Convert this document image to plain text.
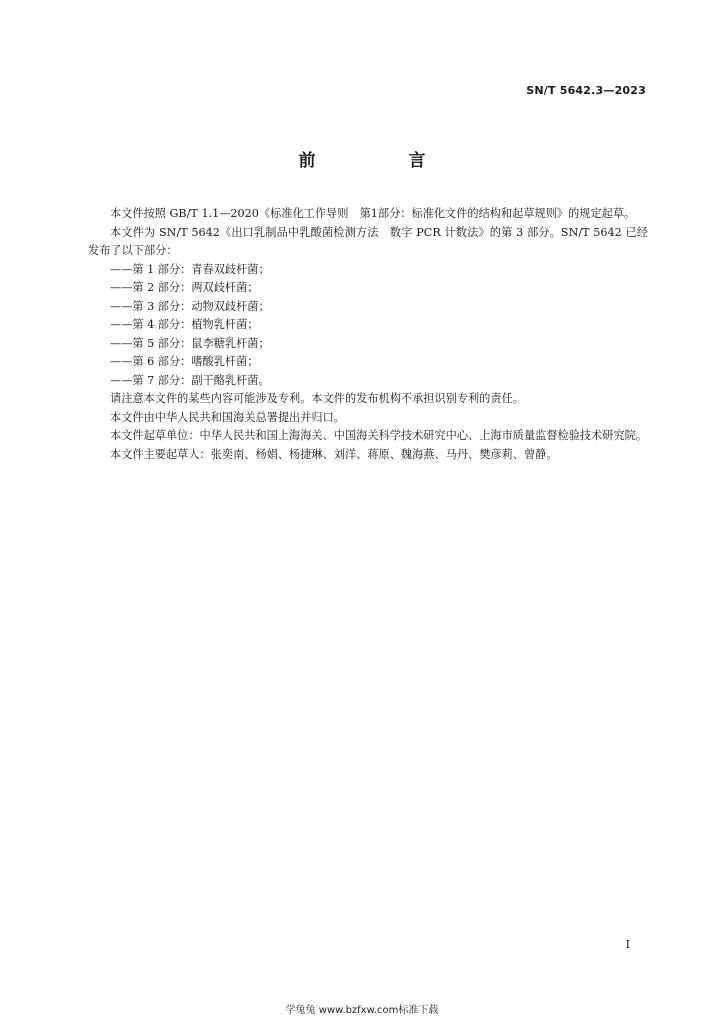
SN/T 5642.3—2023
前　言

本文件按照 GB/T 1.1—2020《标准化工作导则　第1部分：标准化文件的结构和起草规则》的规定起草。

本文件为 SN/T 5642《出口乳制品中乳酸菌检测方法　数字 PCR 计数法》的第 3 部分。SN/T 5642 已经发布了以下部分：

——第 1 部分：青春双歧杆菌；

——第 2 部分：两双歧杆菌；

——第 3 部分：动物双歧杆菌；

——第 4 部分：植物乳杆菌；

——第 5 部分：鼠李糖乳杆菌；

——第 6 部分：嗜酸乳杆菌；

——第 7 部分：副干酪乳杆菌。

请注意本文件的某些内容可能涉及专利。本文件的发布机构不承担识别专利的责任。

本文件由中华人民共和国海关总署提出并归口。

本文件起草单位：中华人民共和国上海海关、中国海关科学技术研究中心、上海市质量监督检验技术研究院。

本文件主要起草人：张奕南、杨娟、杨捷琳、刘洋、蒋原、魏海燕、马丹、樊彦莉、曾静。

I
学兔兔 www.bzfxw.com标准下载
